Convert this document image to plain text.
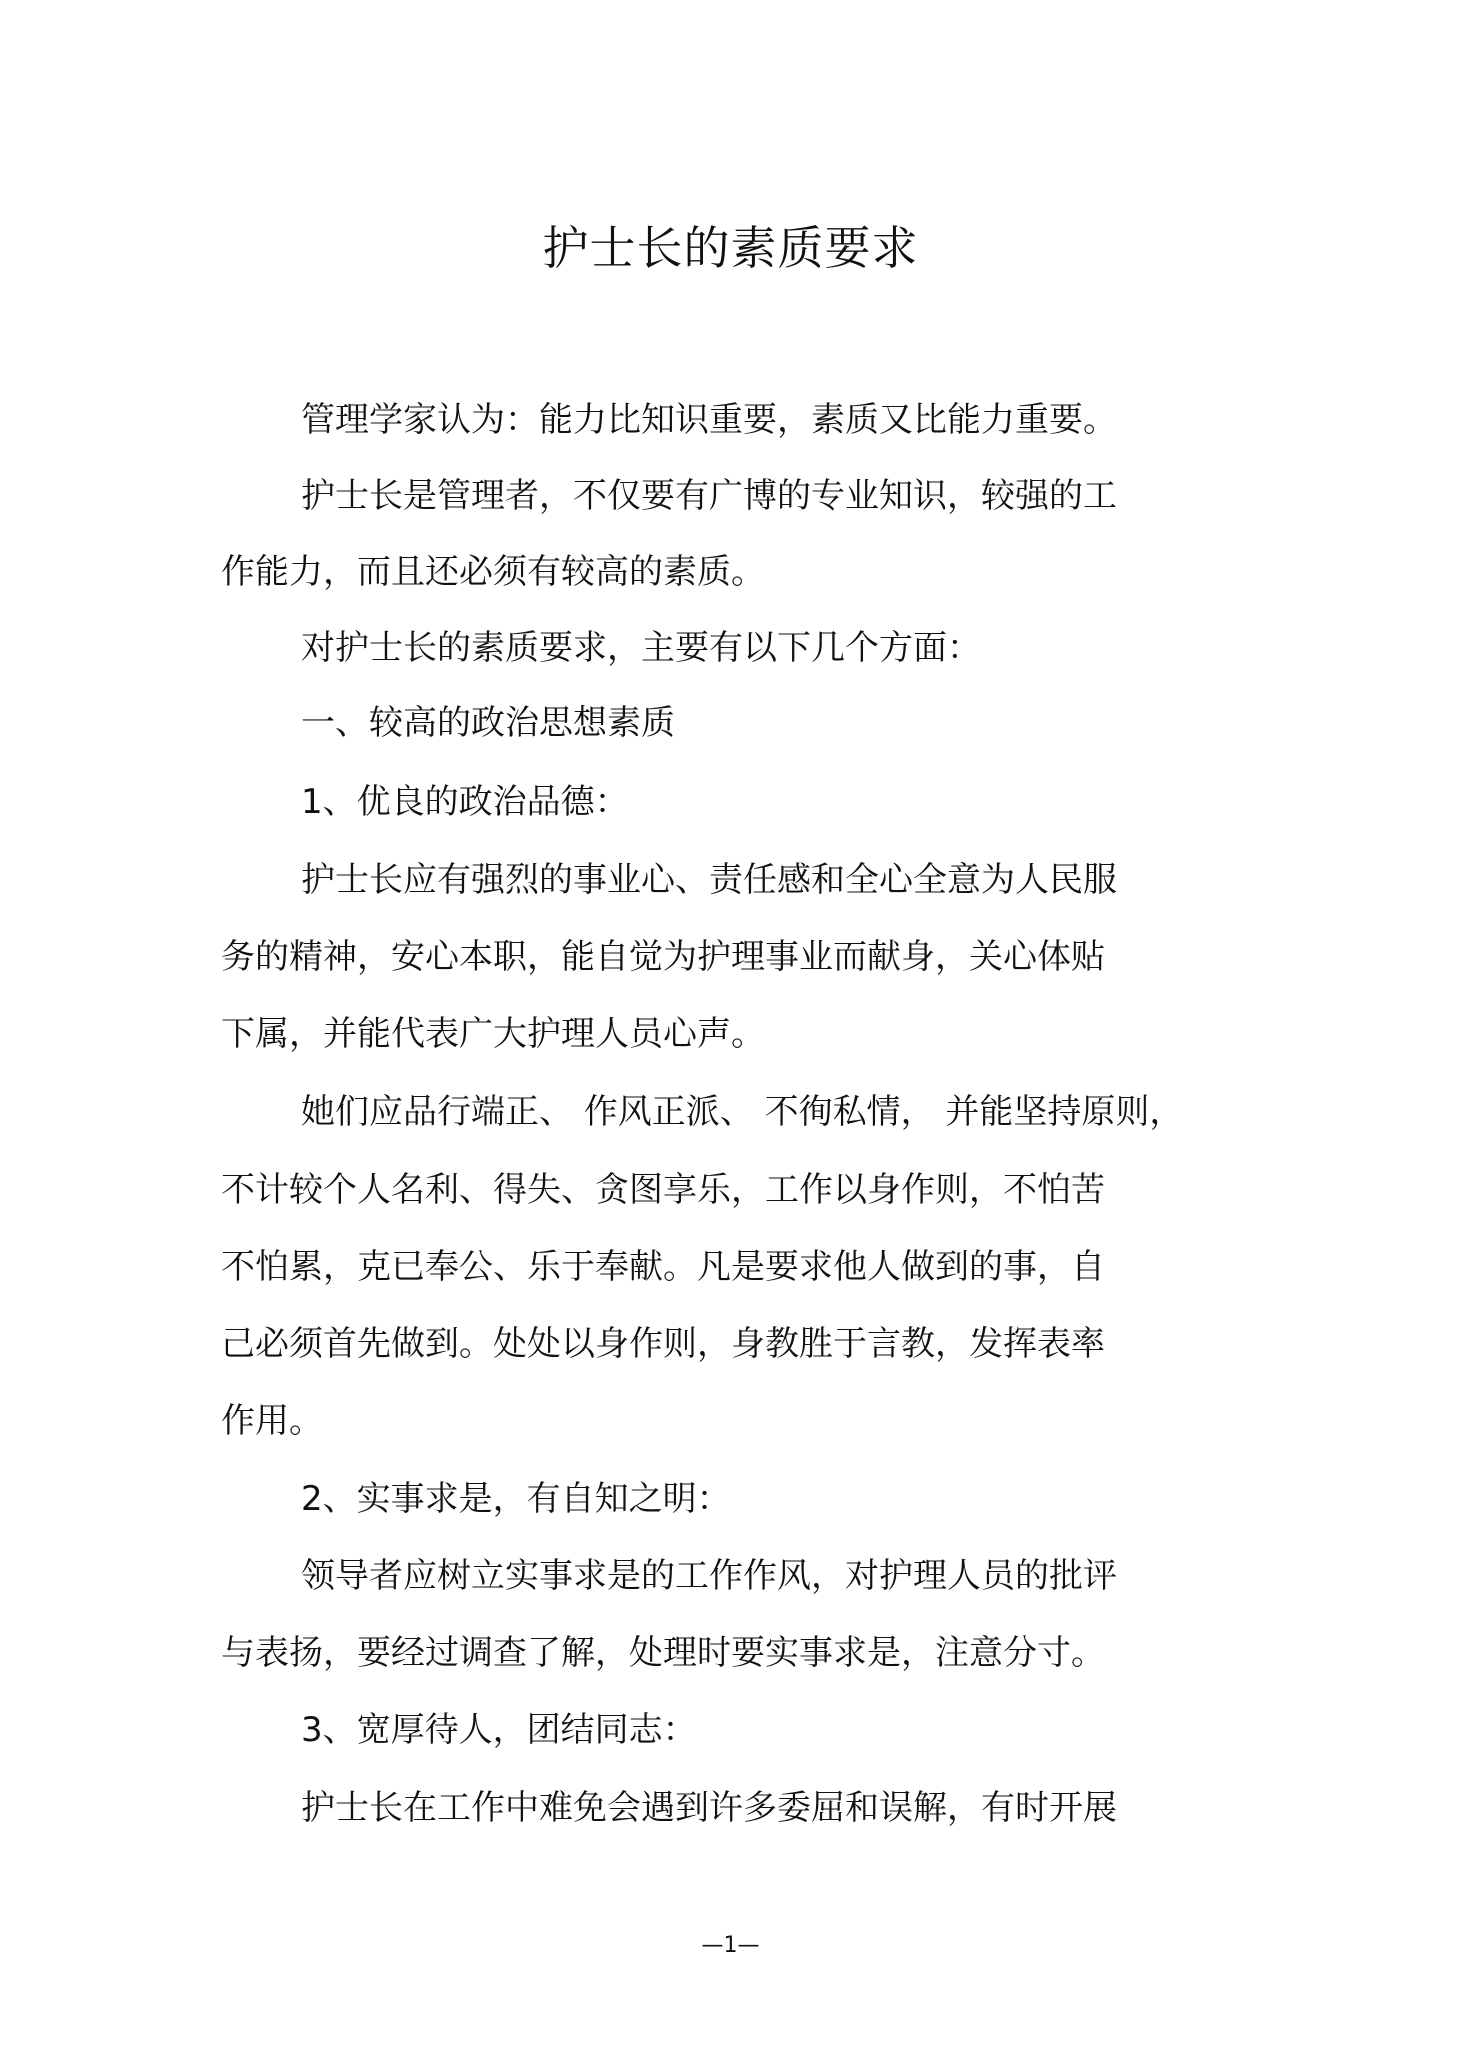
护士长的素质要求
管理学家认为：能力比知识重要，素质又比能力重要。
护士长是管理者，不仅要有广博的专业知识，较强的工
作能力，而且还必须有较高的素质。
对护士长的素质要求，主要有以下几个方面：
一、较高的政治思想素质
1、优良的政治品德：
护士长应有强烈的事业心、责任感和全心全意为人民服
务的精神，安心本职，能自觉为护理事业而献身，关心体贴
下属，并能代表广大护理人员心声。
她们应品行端正、 作风正派、 不徇私情， 并能坚持原则，
不计较个人名利、得失、贪图享乐，工作以身作则，不怕苦
不怕累，克已奉公、乐于奉献。凡是要求他人做到的事，自
己必须首先做到。处处以身作则，身教胜于言教，发挥表率
作用。
2、实事求是，有自知之明：
领导者应树立实事求是的工作作风，对护理人员的批评
与表扬，要经过调查了解，处理时要实事求是，注意分寸。
3、宽厚待人，团结同志：
护士长在工作中难免会遇到许多委屈和误解，有时开展
—1—
